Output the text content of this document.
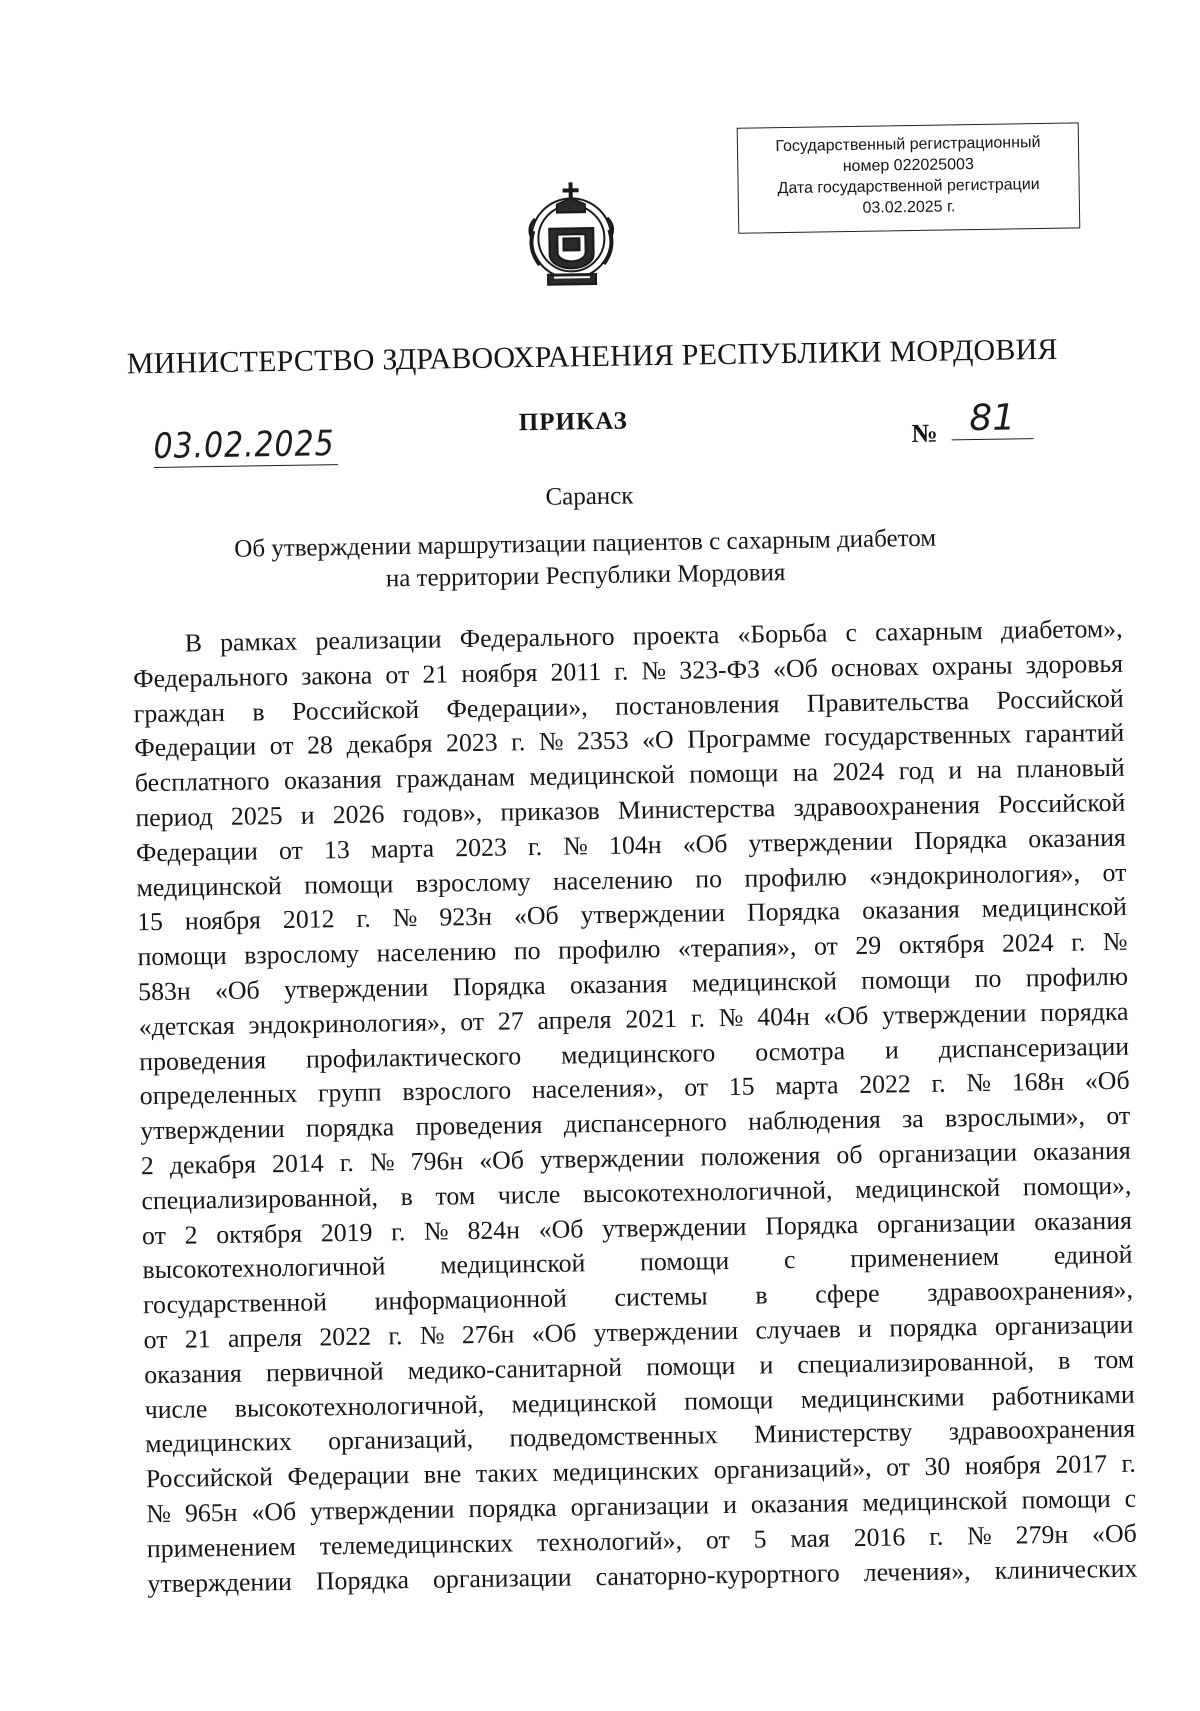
Государственный регистрационный
номер 022025003
Дата государственной регистрации
03.02.2025 г.
МИНИСТЕРСТВО ЗДРАВООХРАНЕНИЯ РЕСПУБЛИКИ МОРДОВИЯ
ПРИКАЗ
03.02.2025	№ 81
Саранск
Об утверждении маршрутизации пациентов с сахарным диабетом
на территории Республики Мордовия
В рамках реализации Федерального проекта «Борьба с сахарным диабетом»,
Федерального закона от 21 ноября 2011 г. № 323-ФЗ «Об основах охраны здоровья
граждан в Российской Федерации», постановления Правительства Российской
Федерации от 28 декабря 2023 г. № 2353 «О Программе государственных гарантий
бесплатного оказания гражданам медицинской помощи на 2024 год и на плановый
период 2025 и 2026 годов», приказов Министерства здравоохранения Российской
Федерации от 13 марта 2023 г. № 104н «Об утверждении Порядка оказания
медицинской помощи взрослому населению по профилю «эндокринология», от
15 ноября 2012 г. № 923н «Об утверждении Порядка оказания медицинской
помощи взрослому населению по профилю «терапия», от 29 октября 2024 г. №
583н «Об утверждении Порядка оказания медицинской помощи по профилю
«детская эндокринология», от 27 апреля 2021 г. № 404н «Об утверждении порядка
проведения профилактического медицинского осмотра и диспансеризации
определенных групп взрослого населения», от 15 марта 2022 г. № 168н «Об
утверждении порядка проведения диспансерного наблюдения за взрослыми», от
2 декабря 2014 г. № 796н «Об утверждении положения об организации оказания
специализированной, в том числе высокотехнологичной, медицинской помощи»,
от 2 октября 2019 г. № 824н «Об утверждении Порядка организации оказания
высокотехнологичной медицинской помощи с применением единой
государственной информационной системы в сфере здравоохранения»,
от 21 апреля 2022 г. № 276н «Об утверждении случаев и порядка организации
оказания первичной медико-санитарной помощи и специализированной, в том
числе высокотехнологичной, медицинской помощи медицинскими работниками
медицинских организаций, подведомственных Министерству здравоохранения
Российской Федерации вне таких медицинских организаций», от 30 ноября 2017 г.
№ 965н «Об утверждении порядка организации и оказания медицинской помощи с
применением телемедицинских технологий», от 5 мая 2016 г. № 279н «Об
утверждении Порядка организации санаторно-курортного лечения», клинических
